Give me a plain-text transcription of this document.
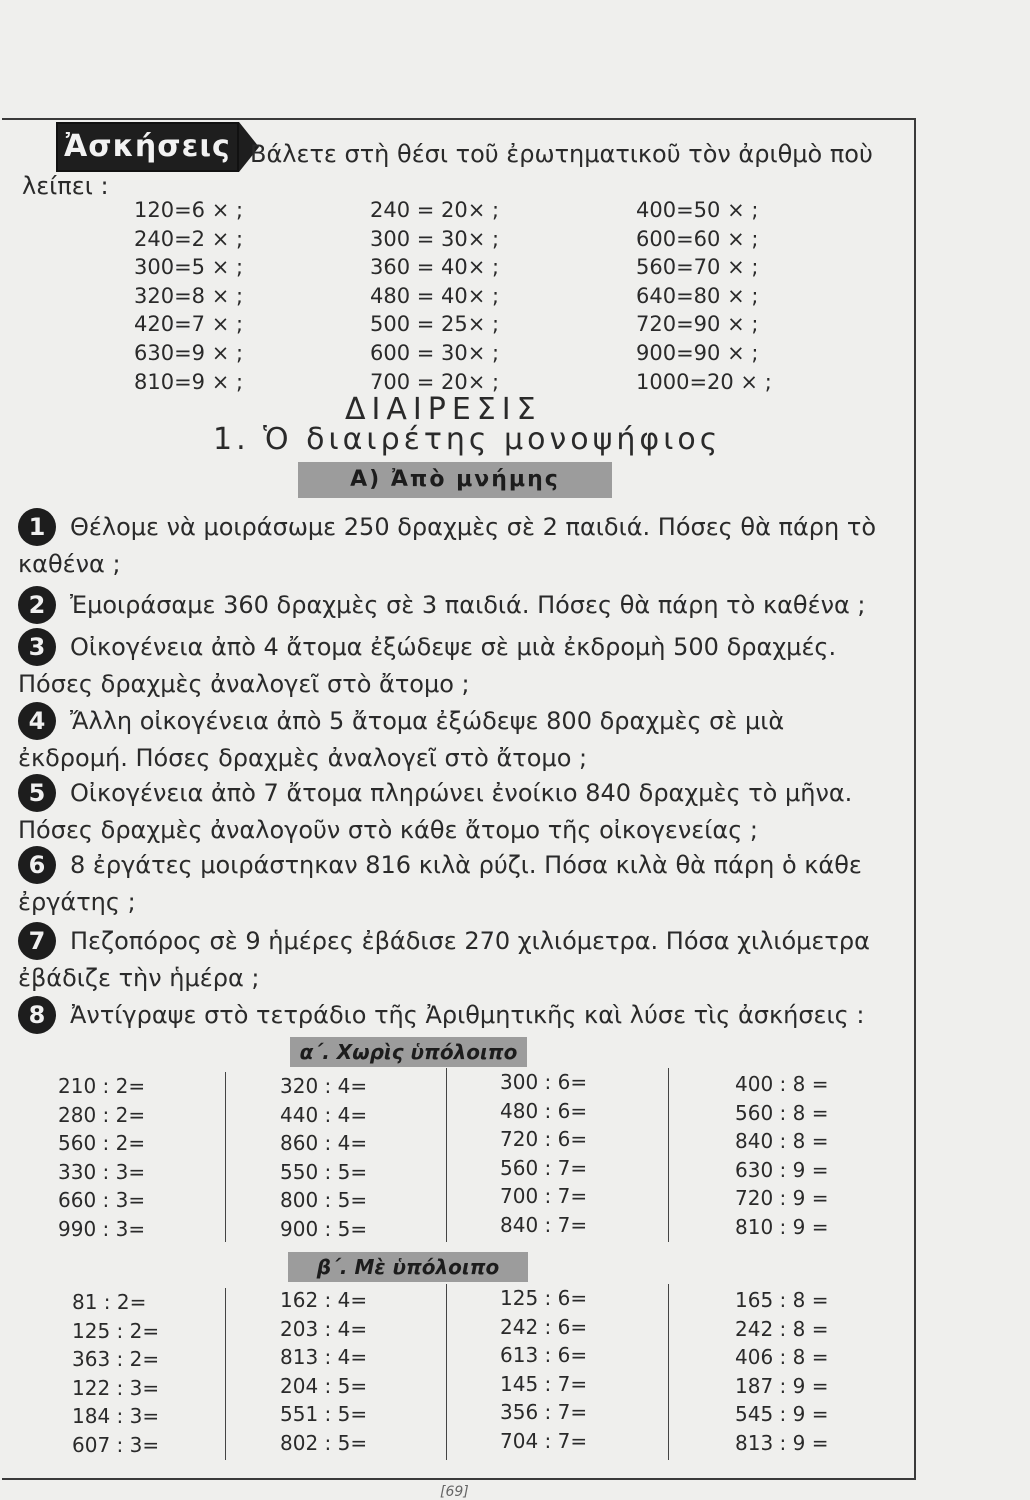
Ἀσκήσεις Βάλετε στὴ θέσι τοῦ ἐρωτηματικοῦ τὸν ἀριθμὸ ποὺ
λείπει :
120=6 × ;
240=2 × ;
300=5 × ;
320=8 × ;
420=7 × ;
630=9 × ;
810=9 × ;
240 = 20× ;
300 = 30× ;
360 = 40× ;
480 = 40× ;
500 = 25× ;
600 = 30× ;
700 = 20× ;
400=50 × ;
600=60 × ;
560=70 × ;
640=80 × ;
720=90 × ;
900=90 × ;
1000=20 × ;
ΔΙΑΙΡΕΣΙΣ
1. Ὁ διαιρέτης μονοψήφιος
Α) Ἀπὸ μνήμης
1 Θέλομε νὰ μοιράσωμε 250 δραχμὲς σὲ 2 παιδιά. Πόσες θὰ πάρη τὸ καθένα ;
2 Ἐμοιράσαμε 360 δραχμὲς σὲ 3 παιδιά. Πόσες θὰ πάρη τὸ καθένα ;
3 Οἰκογένεια ἀπὸ 4 ἄτομα ἐξώδεψε σὲ μιὰ ἐκδρομὴ 500 δραχμές. Πόσες δραχμὲς ἀναλογεῖ στὸ ἄτομο ;
4 Ἄλλη οἰκογένεια ἀπὸ 5 ἄτομα ἐξώδεψε 800 δραχμὲς σὲ μιὰ ἐκδρομή. Πόσες δραχμὲς ἀναλογεῖ στὸ ἄτομο ;
5 Οἰκογένεια ἀπὸ 7 ἄτομα πληρώνει ἐνοίκιο 840 δραχμὲς τὸ μῆνα. Πόσες δραχμὲς ἀναλογοῦν στὸ κάθε ἄτομο τῆς οἰκογενείας ;
6 8 ἐργάτες μοιράστηκαν 816 κιλὰ ρύζι. Πόσα κιλὰ θὰ πάρη ὁ κάθε ἐργάτης ;
7 Πεζοπόρος σὲ 9 ἡμέρες ἐβάδισε 270 χιλιόμετρα. Πόσα χιλιόμετρα ἐβάδιζε τὴν ἡμέρα ;
8 Ἀντίγραψε στὸ τετράδιο τῆς Ἀριθμητικῆς καὶ λύσε τὶς ἀσκήσεις :
α΄. Χωρὶς ὑπόλοιπο
210 : 2=
280 : 2=
560 : 2=
330 : 3=
660 : 3=
990 : 3=
320 : 4=
440 : 4=
860 : 4=
550 : 5=
800 : 5=
900 : 5=
300 : 6=
480 : 6=
720 : 6=
560 : 7=
700 : 7=
840 : 7=
400 : 8 =
560 : 8 =
840 : 8 =
630 : 9 =
720 : 9 =
810 : 9 =
β΄. Μὲ ὑπόλοιπο
81 : 2=
125 : 2=
363 : 2=
122 : 3=
184 : 3=
607 : 3=
162 : 4=
203 : 4=
813 : 4=
204 : 5=
551 : 5=
802 : 5=
125 : 6=
242 : 6=
613 : 6=
145 : 7=
356 : 7=
704 : 7=
165 : 8 =
242 : 8 =
406 : 8 =
187 : 9 =
545 : 9 =
813 : 9 =
[69]
